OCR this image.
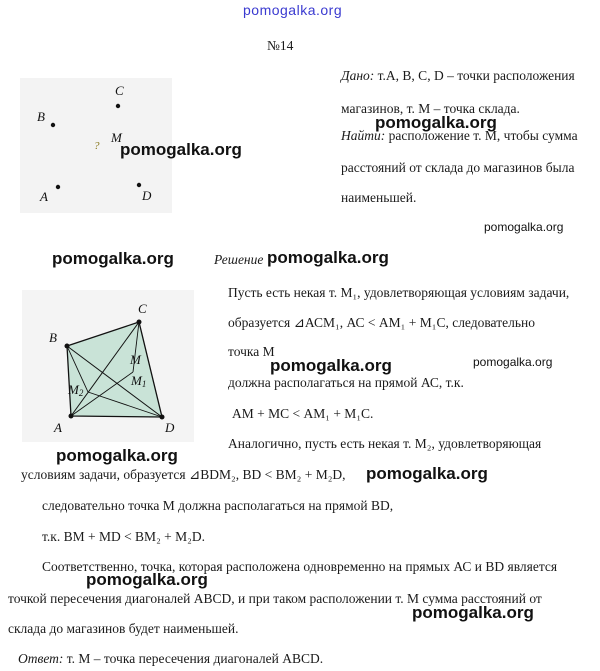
pomogalka.org
№14
C
B
A	D
M
?
Дано: т.А, В, С, D – точки расположения
магазинов, т. М – точка склада.
pomogalka.org
Найти: расположение т. М, чтобы сумма
расстояний от склада до магазинов была
наименьшей.
pomogalka.org
pomogalka.org
pomogalka.org	Решение pomogalka.org
B
C
A	D
M
M1
M2
Пусть есть некая т. М₁, удовлетворяющая условиям задачи,
образуется ⊿АСМ₁, АС < АМ₁ + М₁С, следовательно
точка М
pomogalka.org	pomogalka.org
должна располагаться на прямой АС, т.к.
АМ + МС < АМ₁ + М₁С.
Аналогично, пусть есть некая т. М₂, удовлетворяющая
pomogalka.org
условиям задачи, образуется ⊿ВDМ₂, ВD < ВМ₂ + М₂D, pomogalka.org
следовательно точка М должна располагаться на прямой ВD,
т.к. ВМ + МD < ВМ₂ + М₂D.
Соответственно, точка, которая расположена одновременно на прямых АС и ВD является
pomogalka.org
точкой пересечения диагоналей АВСD, и при таком расположении т. М сумма расстояний от
pomogalka.org
склада до магазинов будет наименьшей.
Ответ: т. М – точка пересечения диагоналей АВСD.
